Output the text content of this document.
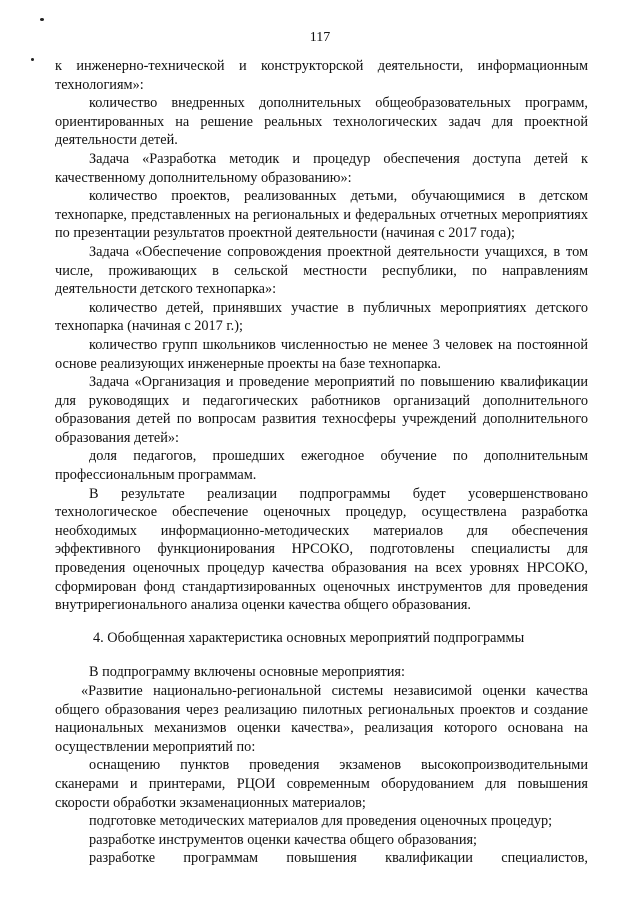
117

к инженерно-технической и конструкторской деятельности, информационным технологиям»:

количество внедренных дополнительных общеобразовательных программ, ориентированных на решение реальных технологических задач для проектной деятельности детей.

Задача «Разработка методик и процедур обеспечения доступа детей к качественному дополнительному образованию»:

количество проектов, реализованных детьми, обучающимися в детском технопарке, представленных на региональных и федеральных отчетных мероприятиях по презентации результатов проектной деятельности (начиная с 2017 года);

Задача «Обеспечение сопровождения проектной деятельности учащихся, в том числе, проживающих в сельской местности республики, по направлениям деятельности детского технопарка»:

количество детей, принявших участие в публичных мероприятиях детского технопарка (начиная с 2017 г.);

количество групп школьников численностью не менее 3 человек на постоянной основе реализующих инженерные проекты на базе технопарка.

Задача «Организация и проведение мероприятий по повышению квалификации для руководящих и педагогических работников организаций дополнительного образования детей по вопросам развития техносферы учреждений дополнительного образования детей»:

доля педагогов, прошедших ежегодное обучение по дополнительным профессиональным программам.

В результате реализации подпрограммы будет усовершенствовано технологическое обеспечение оценочных процедур, осуществлена разработка необходимых информационно-методических материалов для обеспечения эффективного функционирования НРСОКО, подготовлены специалисты для проведения оценочных процедур качества образования на всех уровнях НРСОКО, сформирован фонд стандартизированных оценочных инструментов для проведения внутрирегионального анализа оценки качества общего образования.

4. Обобщенная характеристика основных мероприятий подпрограммы

В подпрограмму включены основные мероприятия:

«Развитие национально-региональной системы независимой оценки качества общего образования через реализацию пилотных региональных проектов и создание национальных механизмов оценки качества», реализация которого основана на осуществлении мероприятий по:

оснащению пунктов проведения экзаменов высокопроизводительными сканерами и принтерами, РЦОИ современным оборудованием для повышения скорости обработки экзаменационных материалов;

подготовке методических материалов для проведения оценочных процедур;

разработке инструментов оценки качества общего образования;

разработке программам повышения квалификации специалистов,
